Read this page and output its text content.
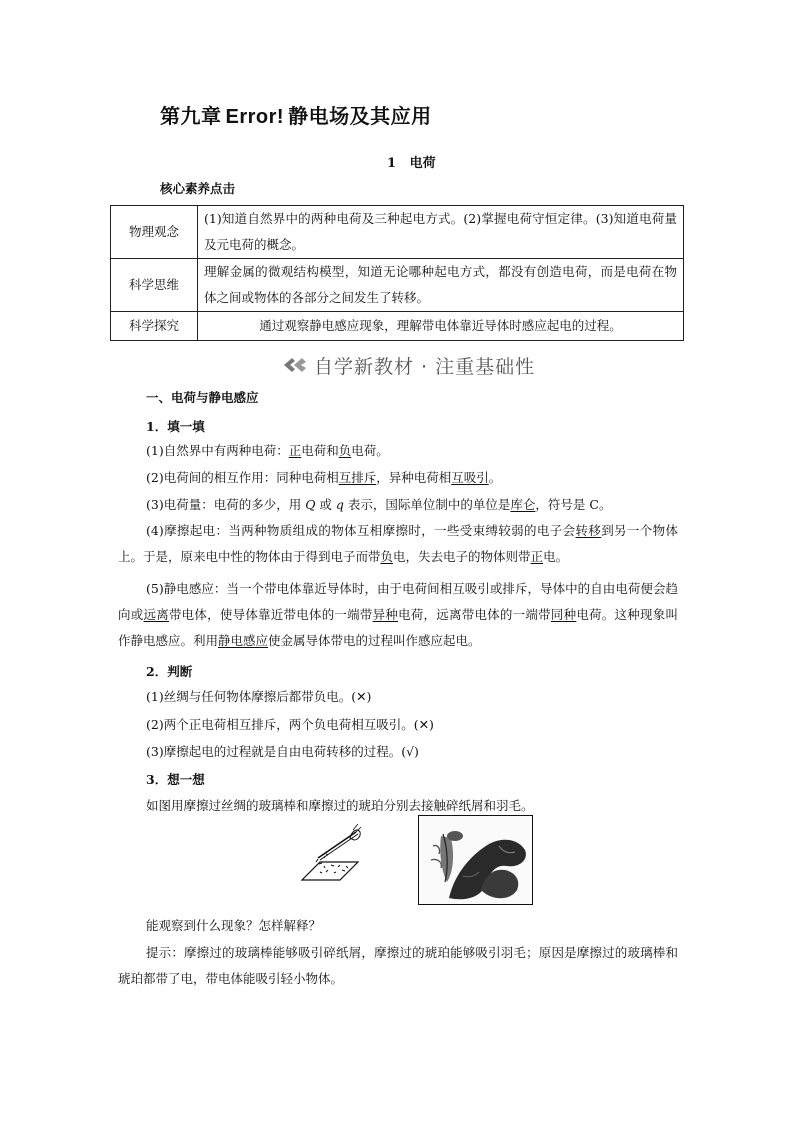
第九章 Error! 静电场及其应用
1   电荷
核心素养点击
物理观念	(1)知道自然界中的两种电荷及三种起电方式。(2)掌握电荷守恒定律。(3)知道电荷量及元电荷的概念。
科学思维	理解金属的微观结构模型，知道无论哪种起电方式，都没有创造电荷，而是电荷在物体之间或物体的各部分之间发生了转移。
科学探究	通过观察静电感应现象，理解带电体靠近导体时感应起电的过程。
自学新教材 · 注重基础性
一、电荷与静电感应
1．填一填
(1)自然界中有两种电荷：正电荷和负电荷。
(2)电荷间的相互作用：同种电荷相互排斥，异种电荷相互吸引。
(3)电荷量：电荷的多少，用 Q 或 q 表示，国际单位制中的单位是库仑，符号是 C。
(4)摩擦起电：当两种物质组成的物体互相摩擦时，一些受束缚较弱的电子会转移到另一个物体上。于是，原来电中性的物体由于得到电子而带负电，失去电子的物体则带正电。
(5)静电感应：当一个带电体靠近导体时，由于电荷间相互吸引或排斥，导体中的自由电荷便会趋向或远离带电体，使导体靠近带电体的一端带异种电荷，远离带电体的一端带同种电荷。这种现象叫作静电感应。利用静电感应使金属导体带电的过程叫作感应起电。
2．判断
(1)丝绸与任何物体摩擦后都带负电。(✕)
(2)两个正电荷相互排斥，两个负电荷相互吸引。(✕)
(3)摩擦起电的过程就是自由电荷转移的过程。(√)
3．想一想
如图用摩擦过丝绸的玻璃棒和摩擦过的琥珀分别去接触碎纸屑和羽毛。
能观察到什么现象？怎样解释？
提示：摩擦过的玻璃棒能够吸引碎纸屑，摩擦过的琥珀能够吸引羽毛；原因是摩擦过的玻璃棒和琥珀都带了电，带电体能吸引轻小物体。
